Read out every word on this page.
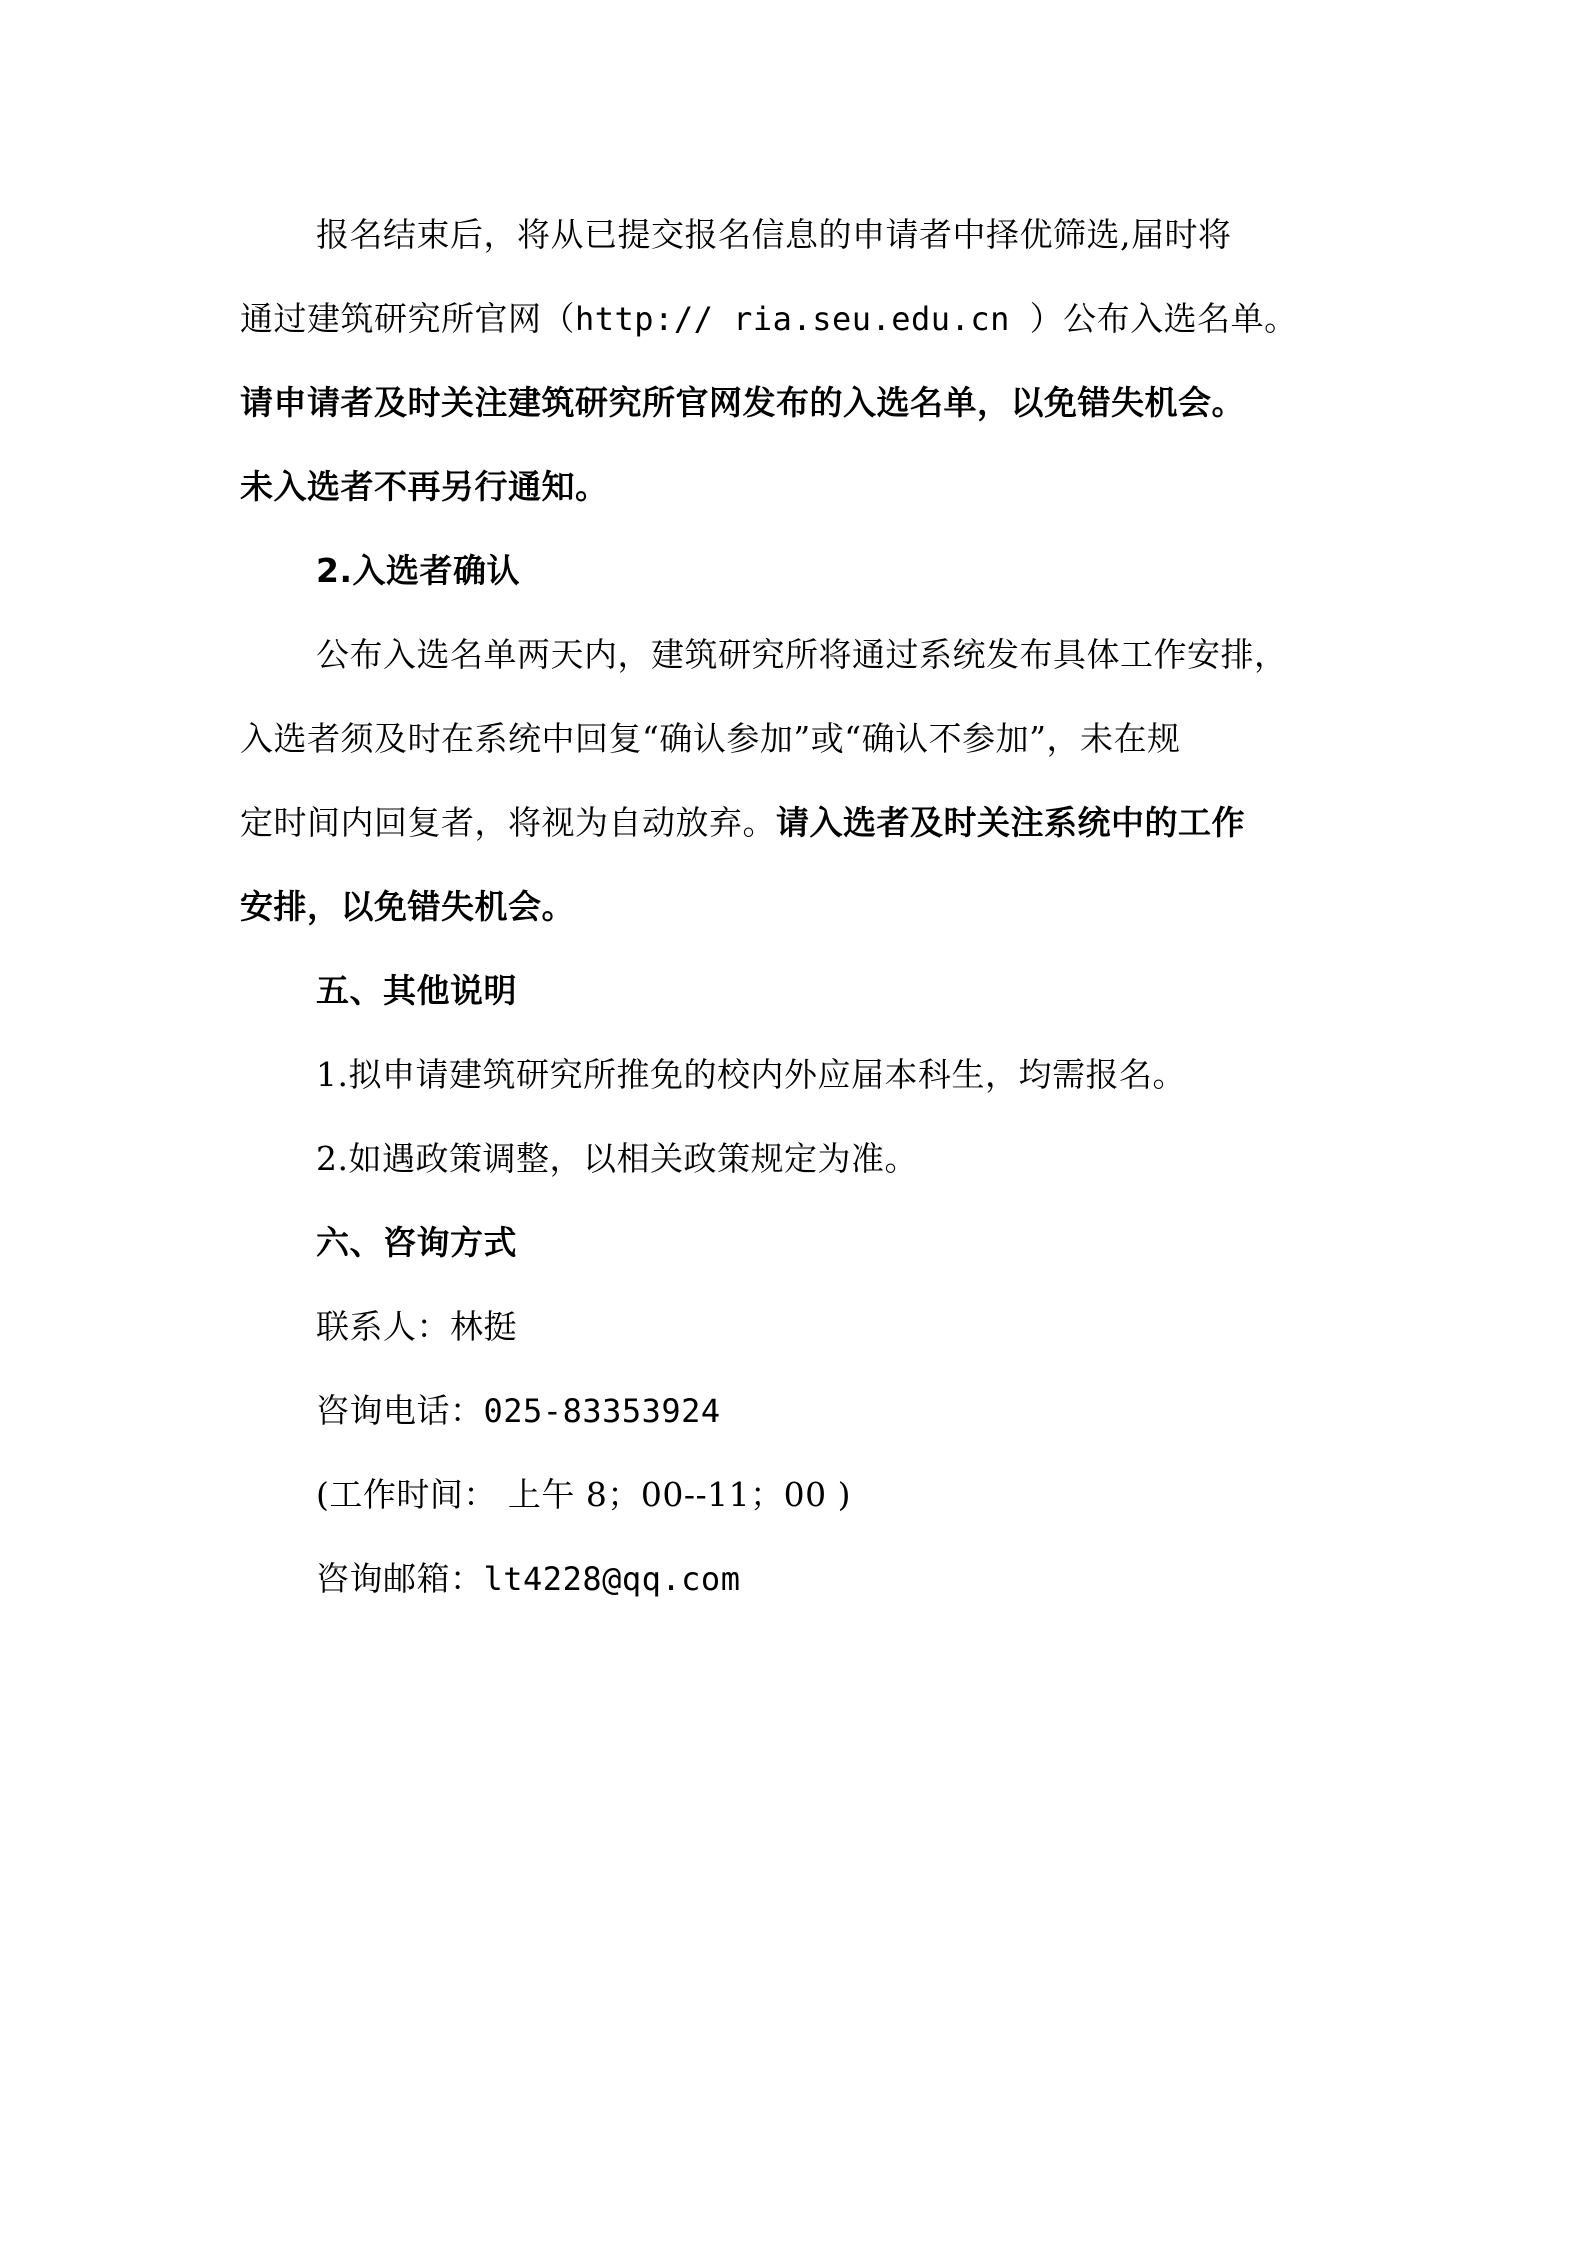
报名结束后，将从已提交报名信息的申请者中择优筛选,届时将
通过建筑研究所官网（http:// ria.seu.edu.cn ）公布入选名单。
请申请者及时关注建筑研究所官网发布的入选名单，以免错失机会。
未入选者不再另行通知。
2.入选者确认
公布入选名单两天内，建筑研究所将通过系统发布具体工作安排，
入选者须及时在系统中回复“确认参加”或“确认不参加”，未在规
定时间内回复者，将视为自动放弃。请入选者及时关注系统中的工作
安排，以免错失机会。
五、其他说明
1.拟申请建筑研究所推免的校内外应届本科生，均需报名。
2.如遇政策调整，以相关政策规定为准。
六、咨询方式
联系人：林挺
咨询电话：025-83353924
(工作时间： 上午 8；00--11；00 )
咨询邮箱：lt4228@qq.com
